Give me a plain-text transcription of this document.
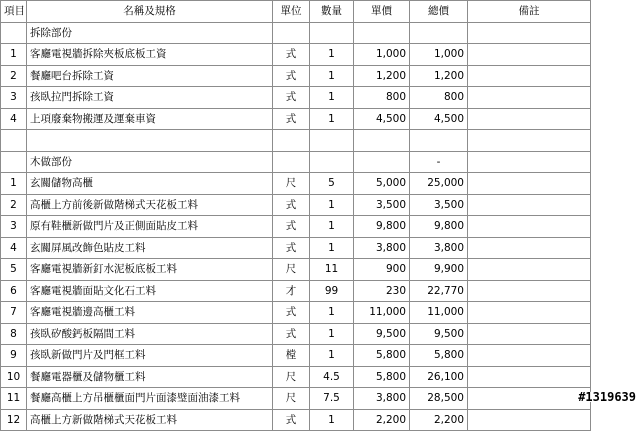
項目	名稱及規格	單位	數量	單價	總價	備註
	拆除部份					
1	客廳電視牆拆除夾板底板工資	式	1	1,000	1,000	
2	餐廳吧台拆除工資	式	1	1,200	1,200	
3	孩臥拉門拆除工資	式	1	800	800	
4	上項廢棄物搬運及運棄車資	式	1	4,500	4,500	

	木做部份				-	
1	玄關儲物高櫃	尺	5	5,000	25,000	
2	高櫃上方前後新做階梯式天花板工料	式	1	3,500	3,500	
3	原有鞋櫃新做門片及正側面貼皮工料	式	1	9,800	9,800	
4	玄關屏風改飾色貼皮工料	式	1	3,800	3,800	
5	客廳電視牆新釘水泥板底板工料	尺	11	900	9,900	
6	客廳電視牆面貼文化石工料	才	99	230	22,770	
7	客廳電視牆邊高櫃工料	式	1	11,000	11,000	
8	孩臥矽酸鈣板隔間工料	式	1	9,500	9,500	
9	孩臥新做門片及門框工料	樘	1	5,800	5,800	
10	餐廳電器櫃及儲物櫃工料	尺	4.5	5,800	26,100	
11	餐廳高櫃上方吊櫃櫃面門片面漆璧面油漆工料	尺	7.5	3,800	28,500	
12	高櫃上方新做階梯式天花板工料	式	1	2,200	2,200	
#1319639
